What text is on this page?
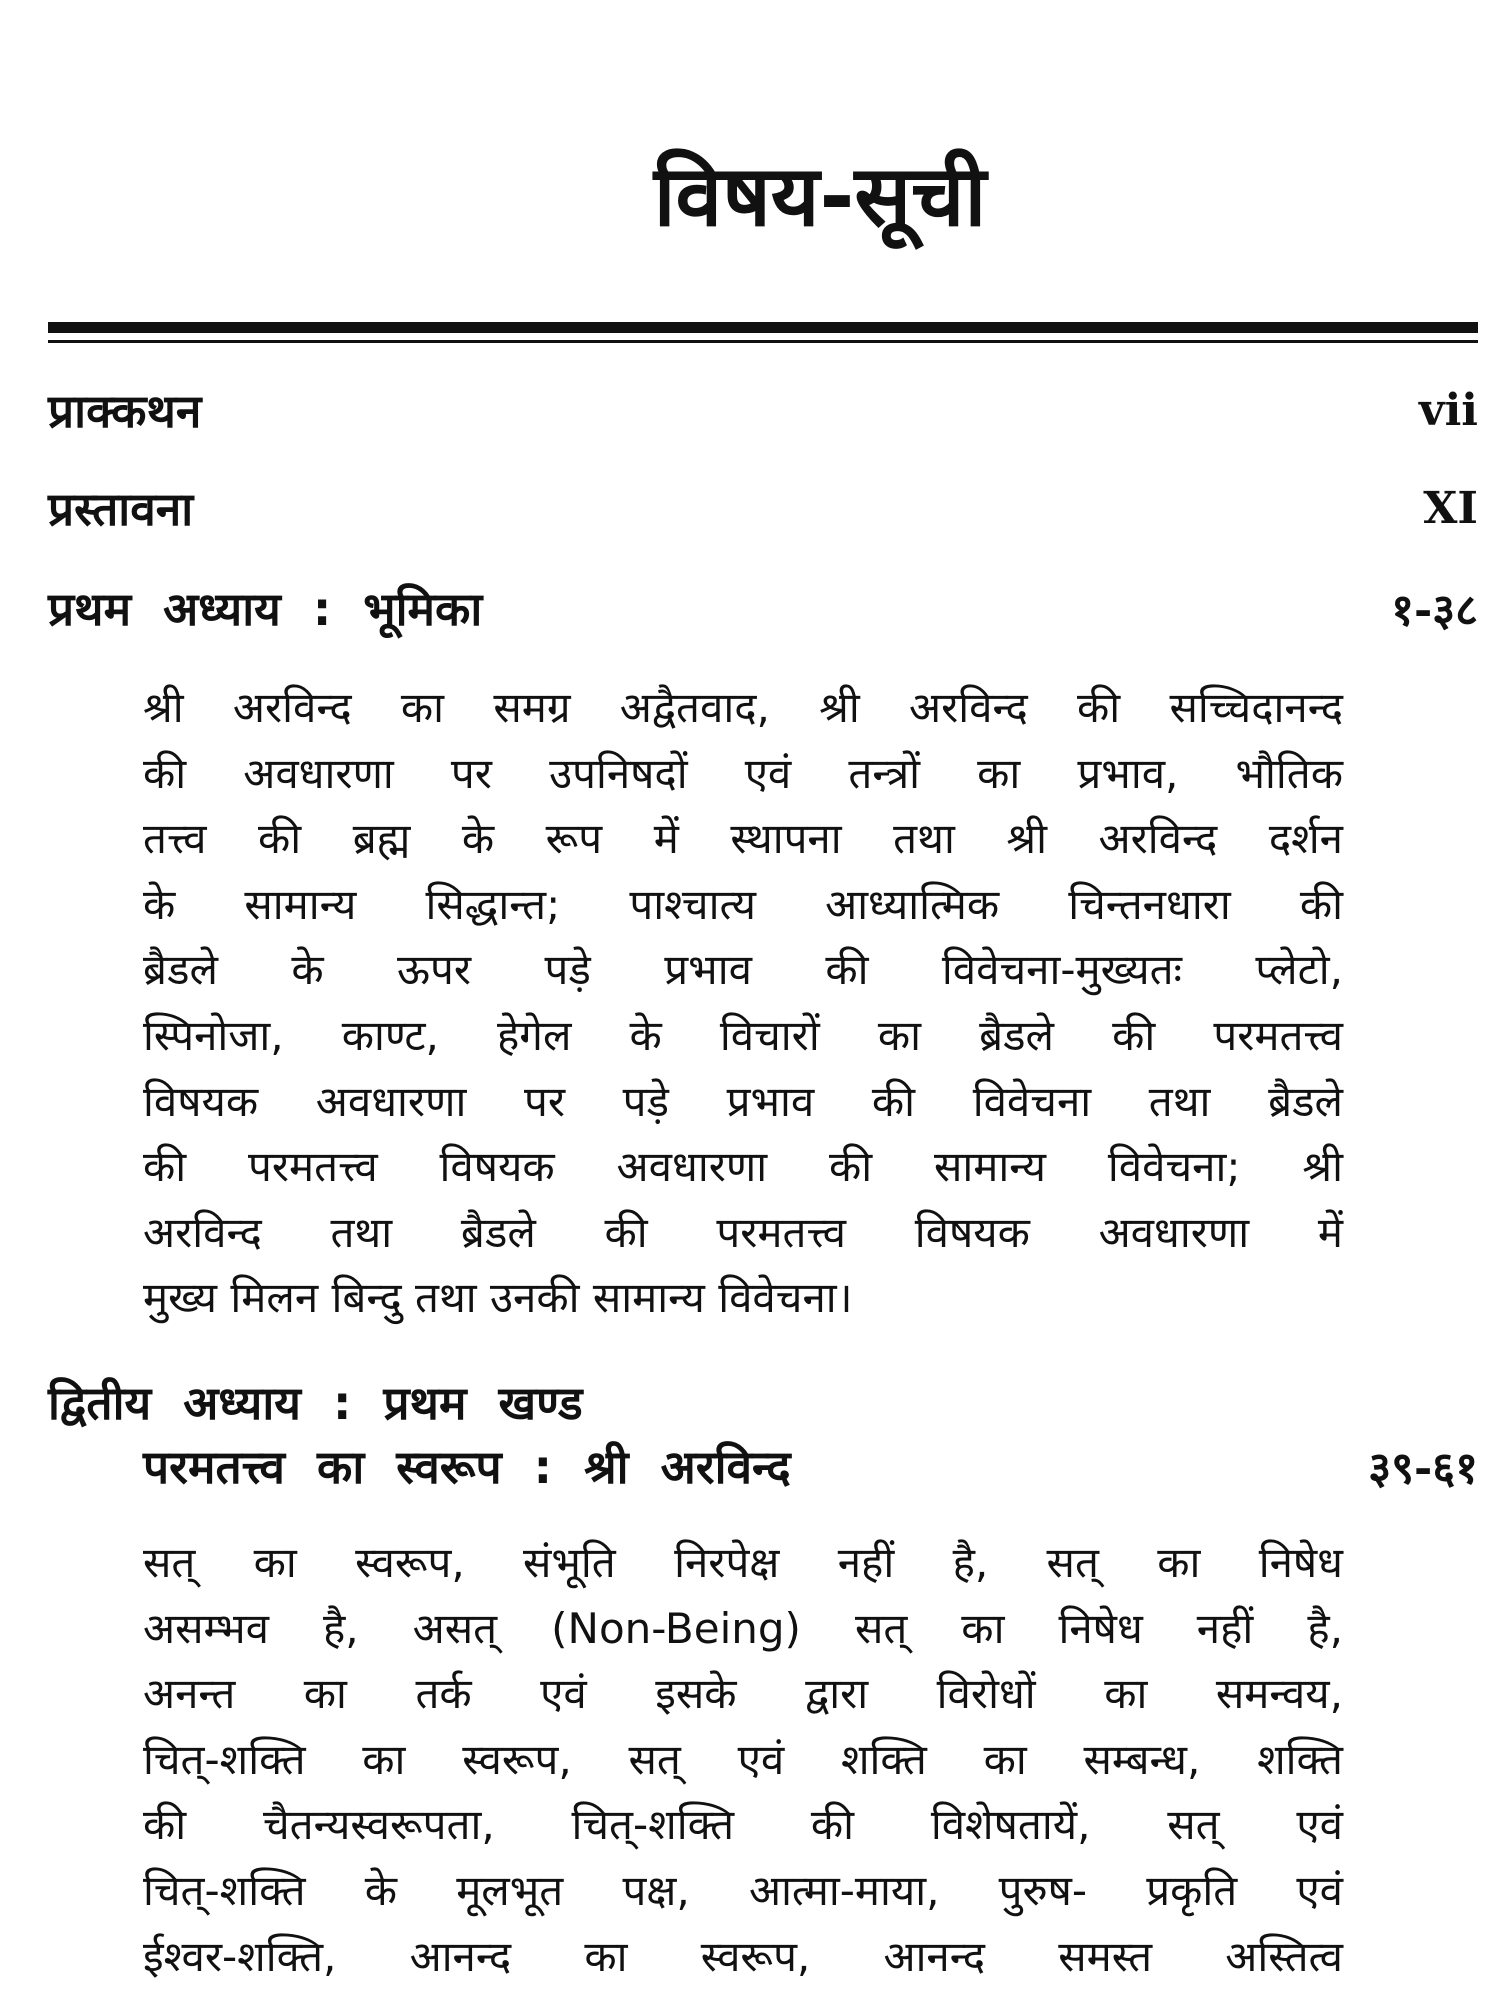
विषय-सूची
प्राक्कथन	vii
प्रस्तावना	XI
प्रथम  अध्याय  :  भूमिका	१-३८
श्री अरविन्द का समग्र अद्वैतवाद, श्री अरविन्द की सच्चिदानन्द
की अवधारणा पर उपनिषदों एवं तन्त्रों का प्रभाव, भौतिक
तत्त्व की ब्रह्म के रूप में स्थापना तथा श्री अरविन्द दर्शन
के सामान्य सिद्धान्त; पाश्चात्य आध्यात्मिक चिन्तनधारा की
ब्रैडले के ऊपर पड़े प्रभाव की विवेचना-मुख्यतः प्लेटो,
स्पिनोजा, काण्ट, हेगेल के विचारों का ब्रैडले की परमतत्त्व
विषयक अवधारणा पर पड़े प्रभाव की विवेचना तथा ब्रैडले
की परमतत्त्व विषयक अवधारणा की सामान्य विवेचना; श्री
अरविन्द तथा ब्रैडले की परमतत्त्व विषयक अवधारणा में
मुख्य मिलन बिन्दु तथा उनकी सामान्य विवेचना।
द्वितीय  अध्याय  :  प्रथम  खण्ड
परमतत्त्व  का  स्वरूप  :  श्री  अरविन्द	३९-६१
सत् का स्वरूप, संभूति निरपेक्ष नहीं है, सत् का निषेध
असम्भव है, असत् (Non-Being) सत् का निषेध नहीं है,
अनन्त का तर्क एवं इसके द्वारा विरोधों का समन्वय,
चित्-शक्ति का स्वरूप, सत् एवं शक्ति का सम्बन्ध, शक्ति
की चैतन्यस्वरूपता, चित्-शक्ति की विशेषतायें, सत् एवं
चित्-शक्ति के मूलभूत पक्ष, आत्मा-माया, पुरुष- प्रकृति एवं
ईश्वर-शक्ति, आनन्द का स्वरूप, आनन्द समस्त अस्तित्व
